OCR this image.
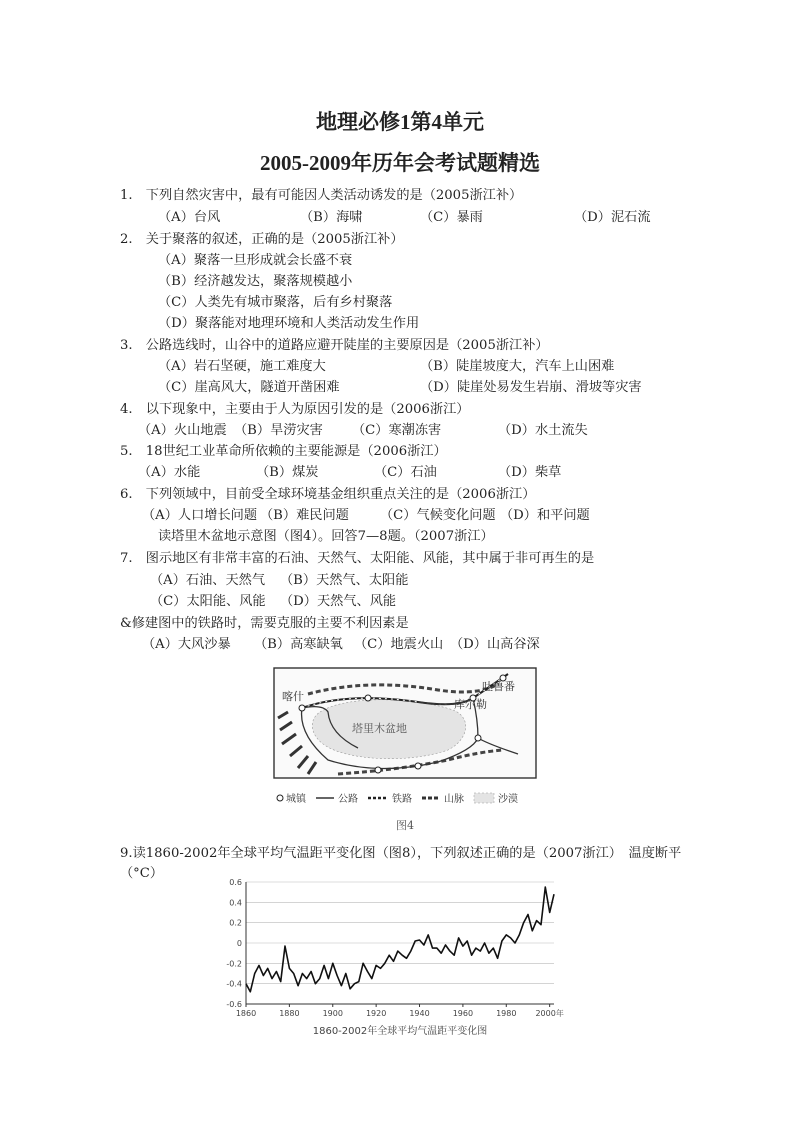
地理必修1第4单元
2005-2009年历年会考试题精选
1.　下列自然灾害中，最有可能因人类活动诱发的是（2005浙江补）
（A）台风	（B）海啸	（C）暴雨	（D）泥石流
2.　关于聚落的叙述，正确的是（2005浙江补）
（A）聚落一旦形成就会长盛不衰
（B）经济越发达，聚落规模越小
（C）人类先有城市聚落，后有乡村聚落
（D）聚落能对地理环境和人类活动发生作用
3.　公路选线时，山谷中的道路应避开陡崖的主要原因是（2005浙江补）
（A）岩石坚硬，施工难度大	（B）陡崖坡度大，汽车上山困难
（C）崖高风大，隧道开凿困难	（D）陡崖处易发生岩崩、滑坡等灾害
4.　以下现象中，主要由于人为原因引发的是（2006浙江）
（A）火山地震 （B）旱涝灾害 （C）寒潮冻害	（D）水土流失
5.　18世纪工业革命所依赖的主要能源是（2006浙江）
（A）水能	（B）煤炭	（C）石油	（D）柴草
6.　下列领域中，目前受全球环境基金组织重点关注的是（2006浙江）
（A）人口增长问题 （B）难民问题 （C）气候变化问题 （D）和平问题
读塔里木盆地示意图（图4）。回答7—8题。（2007浙江）
7.　图示地区有非常丰富的石油、天然气、太阳能、风能，其中属于非可再生的是
（A）石油、天然气 （B）天然气、太阳能
（C）太阳能、风能 （D）天然气、风能
&修建图中的铁路时，需要克服的主要不利因素是
（A）大风沙暴 （B）高寒缺氧 （C）地震火山 （D）山高谷深
喀什
吐鲁番
库尔勒
塔里木盆地
城镇	公路	铁路	山脉	沙漠
图4
9.读1860-2002年全球平均气温距平变化图（图8），下列叙述正确的是（2007浙江）　温度断平
（°C）
0.6
0.4
0.2
0
-0.2
-0.4
-0.6
1860	1880	1900	1920	1940	1960	1980 2000年
1860-2002年全球平均气温距平变化图
